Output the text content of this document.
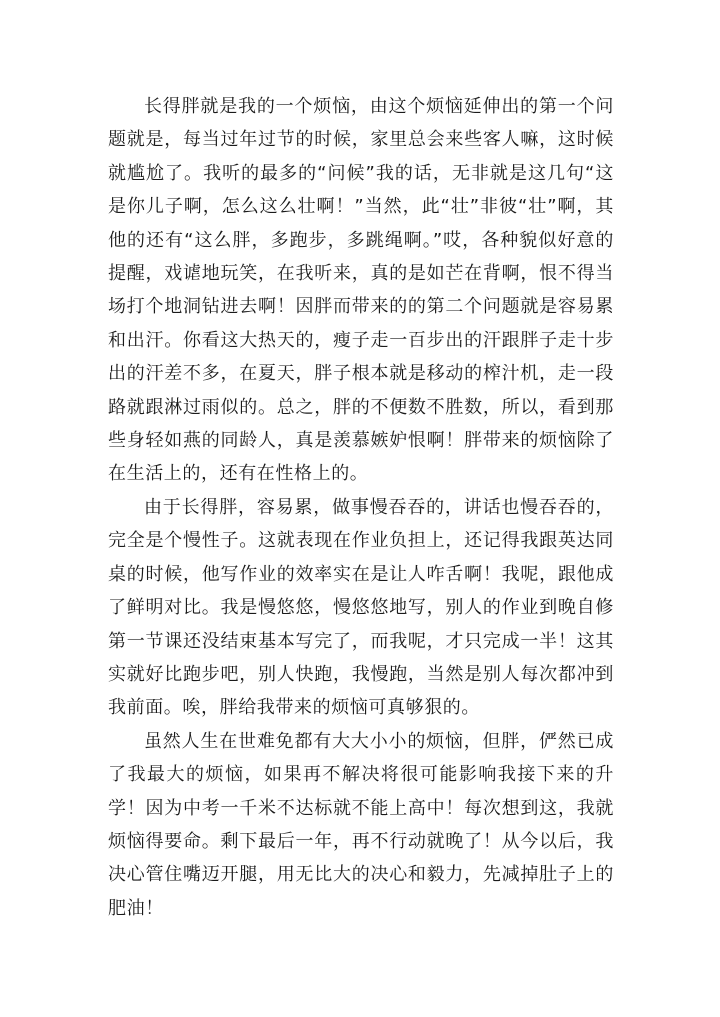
长得胖就是我的一个烦恼，由这个烦恼延伸出的第一个问题就是，每当过年过节的时候，家里总会来些客人嘛，这时候就尴尬了。我听的最多的“问候”我的话，无非就是这几句“这是你儿子啊，怎么这么壮啊！”当然，此“壮”非彼“壮”啊，其他的还有“这么胖，多跑步，多跳绳啊。”哎，各种貌似好意的提醒，戏谑地玩笑，在我听来，真的是如芒在背啊，恨不得当场打个地洞钻进去啊！因胖而带来的的第二个问题就是容易累和出汗。你看这大热天的，瘦子走一百步出的汗跟胖子走十步出的汗差不多，在夏天，胖子根本就是移动的榨汁机，走一段路就跟淋过雨似的。总之，胖的不便数不胜数，所以，看到那些身轻如燕的同龄人，真是羡慕嫉妒恨啊！胖带来的烦恼除了在生活上的，还有在性格上的。

由于长得胖，容易累，做事慢吞吞的，讲话也慢吞吞的，完全是个慢性子。这就表现在作业负担上，还记得我跟英达同桌的时候，他写作业的效率实在是让人咋舌啊！我呢，跟他成了鲜明对比。我是慢悠悠，慢悠悠地写，别人的作业到晚自修第一节课还没结束基本写完了，而我呢，才只完成一半！这其实就好比跑步吧，别人快跑，我慢跑，当然是别人每次都冲到我前面。唉，胖给我带来的烦恼可真够狠的。

虽然人生在世难免都有大大小小的烦恼，但胖，俨然已成了我最大的烦恼，如果再不解决将很可能影响我接下来的升学！因为中考一千米不达标就不能上高中！每次想到这，我就烦恼得要命。剩下最后一年，再不行动就晚了！从今以后，我决心管住嘴迈开腿，用无比大的决心和毅力，先减掉肚子上的肥油！
